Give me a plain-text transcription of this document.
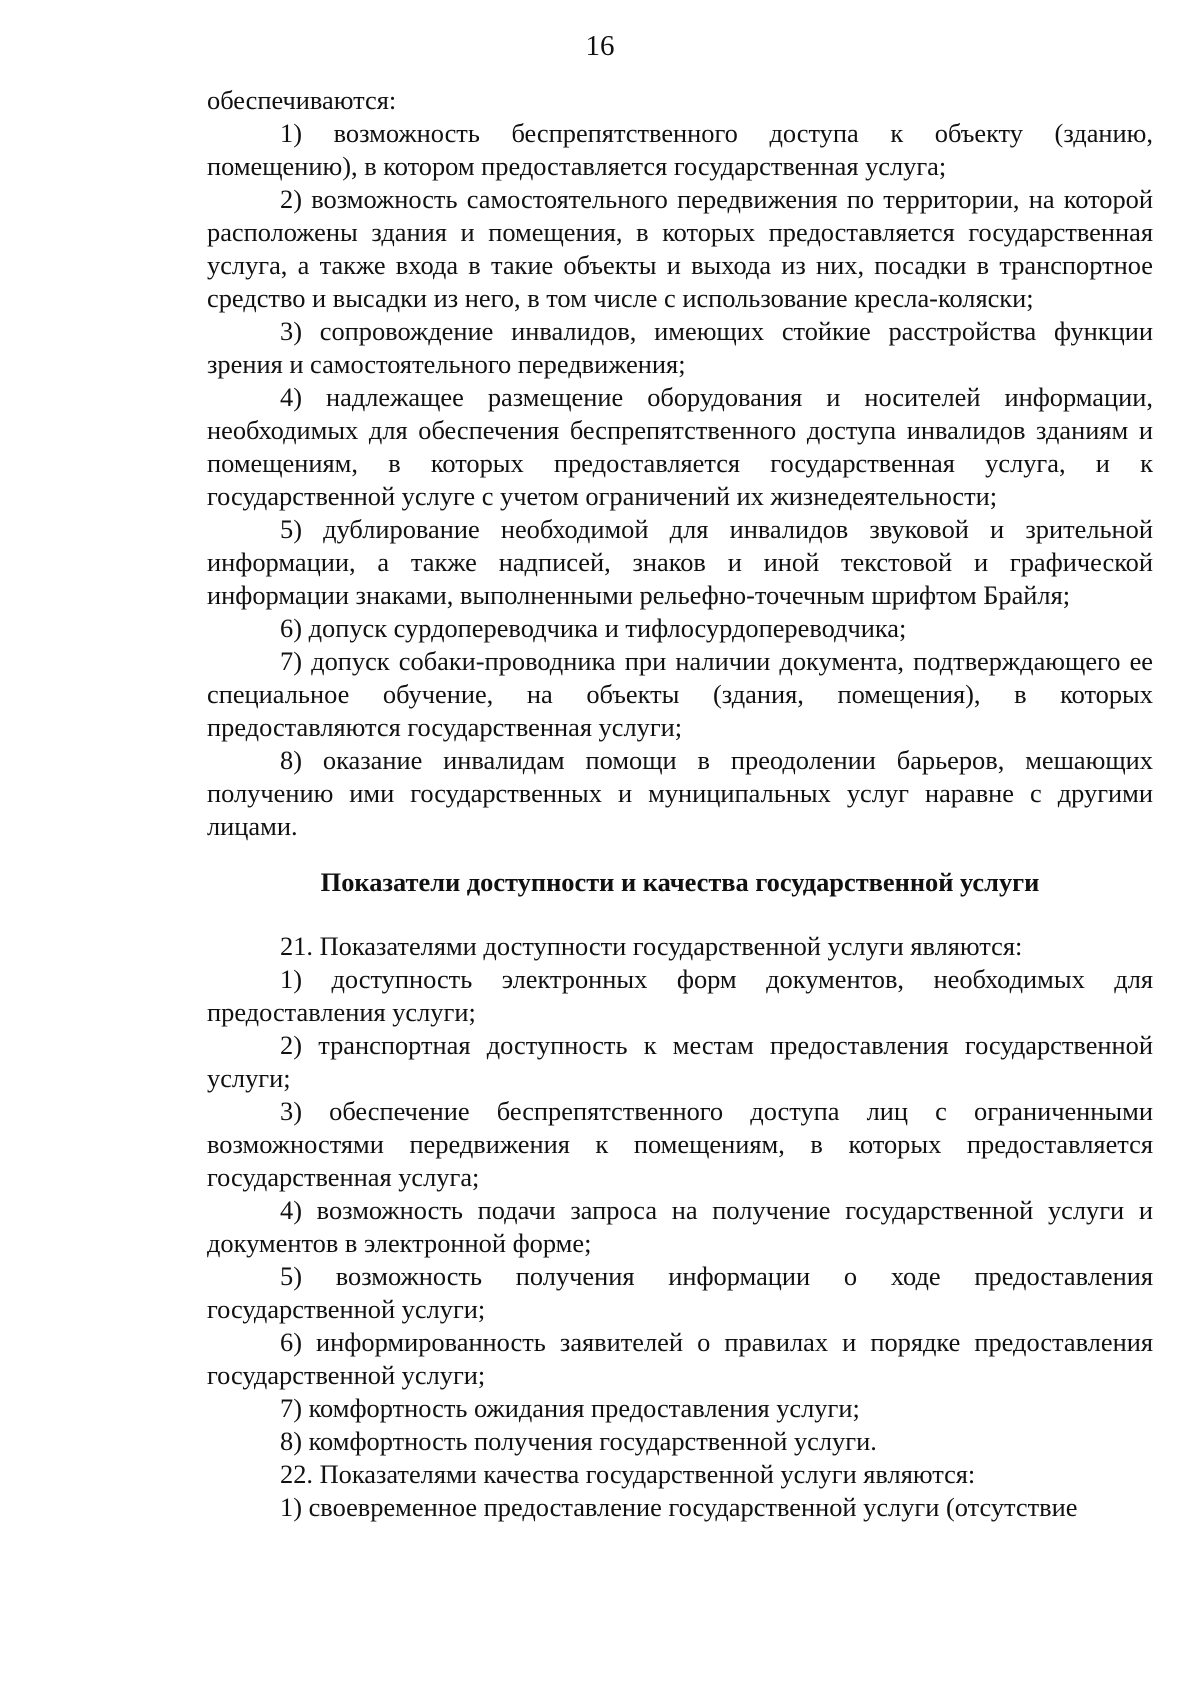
16

обеспечиваются:

1) возможность беспрепятственного доступа к объекту (зданию, помещению), в котором предоставляется государственная услуга;

2) возможность самостоятельного передвижения по территории, на которой расположены здания и помещения, в которых предоставляется государственная услуга, а также входа в такие объекты и выхода из них, посадки в транспортное средство и высадки из него, в том числе с использование кресла-коляски;

3) сопровождение инвалидов, имеющих стойкие расстройства функции зрения и самостоятельного передвижения;

4) надлежащее размещение оборудования и носителей информации, необходимых для обеспечения беспрепятственного доступа инвалидов зданиям и помещениям, в которых предоставляется государственная услуга, и к государственной услуге с учетом ограничений их жизнедеятельности;

5) дублирование необходимой для инвалидов звуковой и зрительной информации, а также надписей, знаков и иной текстовой и графической информации знаками, выполненными рельефно-точечным шрифтом Брайля;

6) допуск сурдопереводчика и тифлосурдопереводчика;

7) допуск собаки-проводника при наличии документа, подтверждающего ее специальное обучение, на объекты (здания, помещения), в которых предоставляются государственная услуги;

8) оказание инвалидам помощи в преодолении барьеров, мешающих получению ими государственных и муниципальных услуг наравне с другими лицами.

Показатели доступности и качества государственной услуги

21. Показателями доступности государственной услуги являются:

1) доступность электронных форм документов, необходимых для предоставления услуги;

2) транспортная доступность к местам предоставления государственной услуги;

3) обеспечение беспрепятственного доступа лиц с ограниченными возможностями передвижения к помещениям, в которых предоставляется государственная услуга;

4) возможность подачи запроса на получение государственной услуги и документов в электронной форме;

5) возможность получения информации о ходе предоставления государственной услуги;

6) информированность заявителей о правилах и порядке предоставления государственной услуги;

7) комфортность ожидания предоставления услуги;

8) комфортность получения государственной услуги.

22. Показателями качества государственной услуги являются:

1) своевременное предоставление государственной услуги (отсутствие
